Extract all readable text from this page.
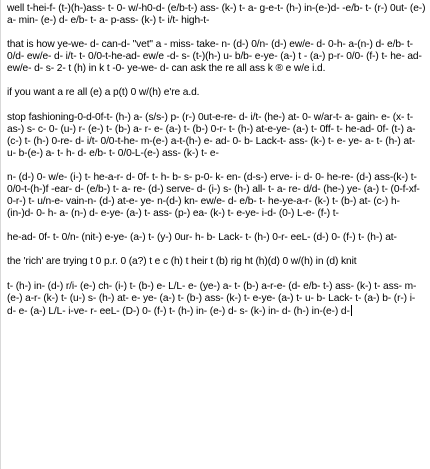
well t-hei-f- (t-)(h-)ass- t- 0- w/-h0-d- (e/b-t-) ass- (k-) t- a- g-e-t- (h-) in-(e-)d- -e/b- t- (r-) 0ut- (e-) a- min- (e-) d- e/b- t- a- p-ass- (k-) t- i/t- high-t-

that is how ye-we- d- can-d- "vet" a - miss- take- n- (d-) 0/n- (d-) ew/e- d- 0-h- a-(n-) d- e/b- t- 0/d- ew/e- d- i/t- t- 0/0-t-he-ad- ew/e -d- s- (t-)(h-) u- b/b- e-ye- (a-) t - (a-) p-r- 0/0- (f-) t- he- ad- ew/e- d- s- 2- t (h) in k t -0- ye-we- d- can ask the re all ass k ® e w/e i.d.

if you want a re all (e) a p(t) 0 w/(h) e're a.d.

stop fashioning-0-d-0f-t- (h-) a- (s/s-) p- (r-) 0ut-e-re- d- i/t- (he-) at- 0- w/ar-t- a- gain- e- (x- t- as-) s- c- 0- (u-) r- (e-) t- (b-) a- r- e- (a-) t- (b-) 0-r- t- (h-) at-e-ye- (a-) t- 0ff- t- he-ad- 0f- (t-) a- (c-) t- (h-) 0-re- d- i/t- 0/0-t-he- m-(e-) a-t-(h-) e- ad- 0- b- Lack-t- ass- (k-) t- e- ye- a- t- (h-) at- u- b-(e-) a- t- h- d- e/b- t- 0/0-L-(e-) ass- (k-) t- e-

n- (d-) 0- w/e- (i-) t- he-a-r- d- 0f- t- h- b- s- p-0- k- en- (d-s-) erve- i- d- 0- he-re- (d-) ass-(k-) t- 0/0-t-(h-)f -ear- d- (e/b-) t- a- re- (d-) serve- d- (i-) s- (h-) all- t- a- re- d/d- (he-) ye- (a-) t- (0-f-xf-0-r-) t- u/n-e- vain-n- (d-) at-e- ye- n-(d-) kn- ew/e- d- e/b- t- he-ye-a-r- (k-) t- (b-) at- (c-) h- (in-)d- 0- h- a- (n-) d- e-ye- (a-) t- ass- (p-) ea- (k-) t- e-ye- i-d- (0-) L-e- (f-) t-

he-ad- 0f- t- 0/n- (nit-) e-ye- (a-) t- (y-) 0ur- h- b- Lack- t- (h-) 0-r- eeL- (d-) 0- (f-) t- (h-) at-

the 'rich' are trying t 0 p.r. 0 (a?) t e c (h) t heir t (b) rig ht (h)(d) 0 w/(h) in (d) knit

t- (h-) in- (d-) r/i- (e-) ch- (i-) t- (b-) e- L/L- e- (ye-) a- t- (b-) a-r-e- (d- e/b- t-) ass- (k-) t- ass- m-(e-) a-r- (k-) t- (u-) s- (h-) at- e- ye- (a-) t- (b-) ass- (k-) t- e-ye- (a-) t- u- b- Lack- t- (a-) b- (r-) i- d- e- (a-) L/L- i-ve- r- eeL- (D-) 0- (f-) t- (h-) in- (e-) d- s- (k-) in- d- (h-) in-(e-) d-
